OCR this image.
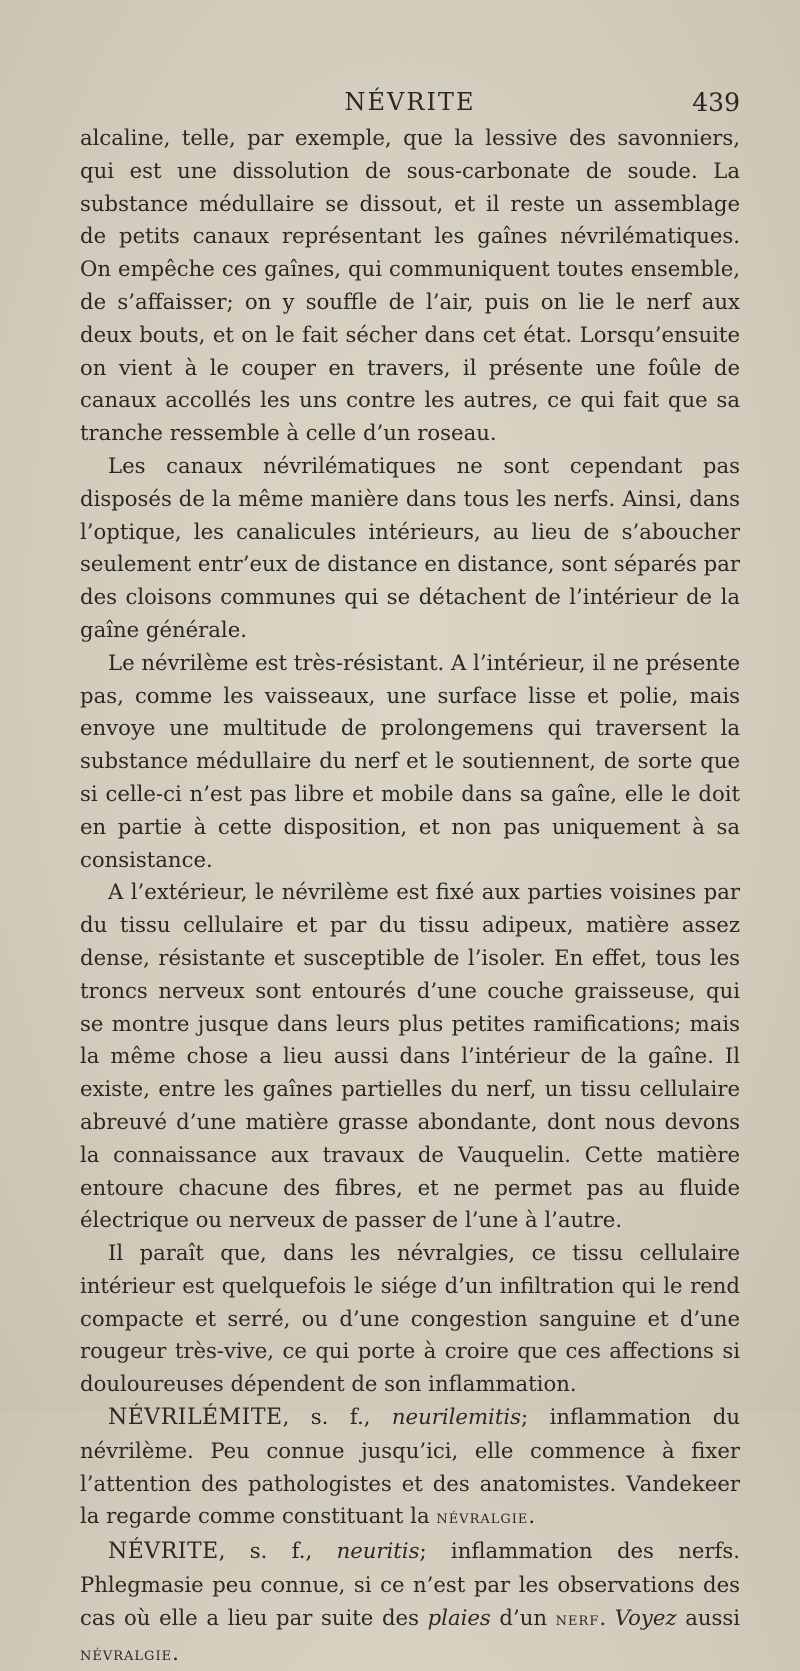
NÉVRITE	439

alcaline, telle, par exemple, que la lessive des savonniers, qui est une dissolution de sous-carbonate de soude. La substance médullaire se dissout, et il reste un assemblage de petits canaux représentant les gaînes névrilématiques. On empêche ces gaînes, qui communiquent toutes ensemble, de s’affaisser; on y souffle de l’air, puis on lie le nerf aux deux bouts, et on le fait sécher dans cet état. Lorsqu’ensuite on vient à le couper en travers, il présente une foûle de canaux accollés les uns contre les autres, ce qui fait que sa tranche ressemble à celle d’un roseau.

Les canaux névrilématiques ne sont cependant pas disposés de la même manière dans tous les nerfs. Ainsi, dans l’optique, les canalicules intérieurs, au lieu de s’aboucher seulement entr’eux de distance en distance, sont séparés par des cloisons communes qui se détachent de l’intérieur de la gaîne générale.

Le névrilème est très-résistant. A l’intérieur, il ne présente pas, comme les vaisseaux, une surface lisse et polie, mais envoye une multitude de prolongemens qui traversent la substance médullaire du nerf et le soutiennent, de sorte que si celle-ci n’est pas libre et mobile dans sa gaîne, elle le doit en partie à cette disposition, et non pas uniquement à sa consistance.

A l’extérieur, le névrilème est fixé aux parties voisines par du tissu cellulaire et par du tissu adipeux, matière assez dense, résistante et susceptible de l’isoler. En effet, tous les troncs nerveux sont entourés d’une couche graisseuse, qui se montre jusque dans leurs plus petites ramifications; mais la même chose a lieu aussi dans l’intérieur de la gaîne. Il existe, entre les gaînes partielles du nerf, un tissu cellulaire abreuvé d’une matière grasse abondante, dont nous devons la connaissance aux travaux de Vauquelin. Cette matière entoure chacune des fibres, et ne permet pas au fluide électrique ou nerveux de passer de l’une à l’autre.

Il paraît que, dans les névralgies, ce tissu cellulaire intérieur est quelquefois le siége d’un infiltration qui le rend compacte et serré, ou d’une congestion sanguine et d’une rougeur très-vive, ce qui porte à croire que ces affections si douloureuses dépendent de son inflammation.

NÉVRILÉMITE, s. f., neurilemitis; inflammation du névrilème. Peu connue jusqu’ici, elle commence à fixer l’attention des pathologistes et des anatomistes. Vandekeer la regarde comme constituant la névralgie.

NÉVRITE, s. f., neuritis; inflammation des nerfs. Phlegmasie peu connue, si ce n’est par les observations des cas où elle a lieu par suite des plaies d’un nerf. Voyez aussi névralgie.
